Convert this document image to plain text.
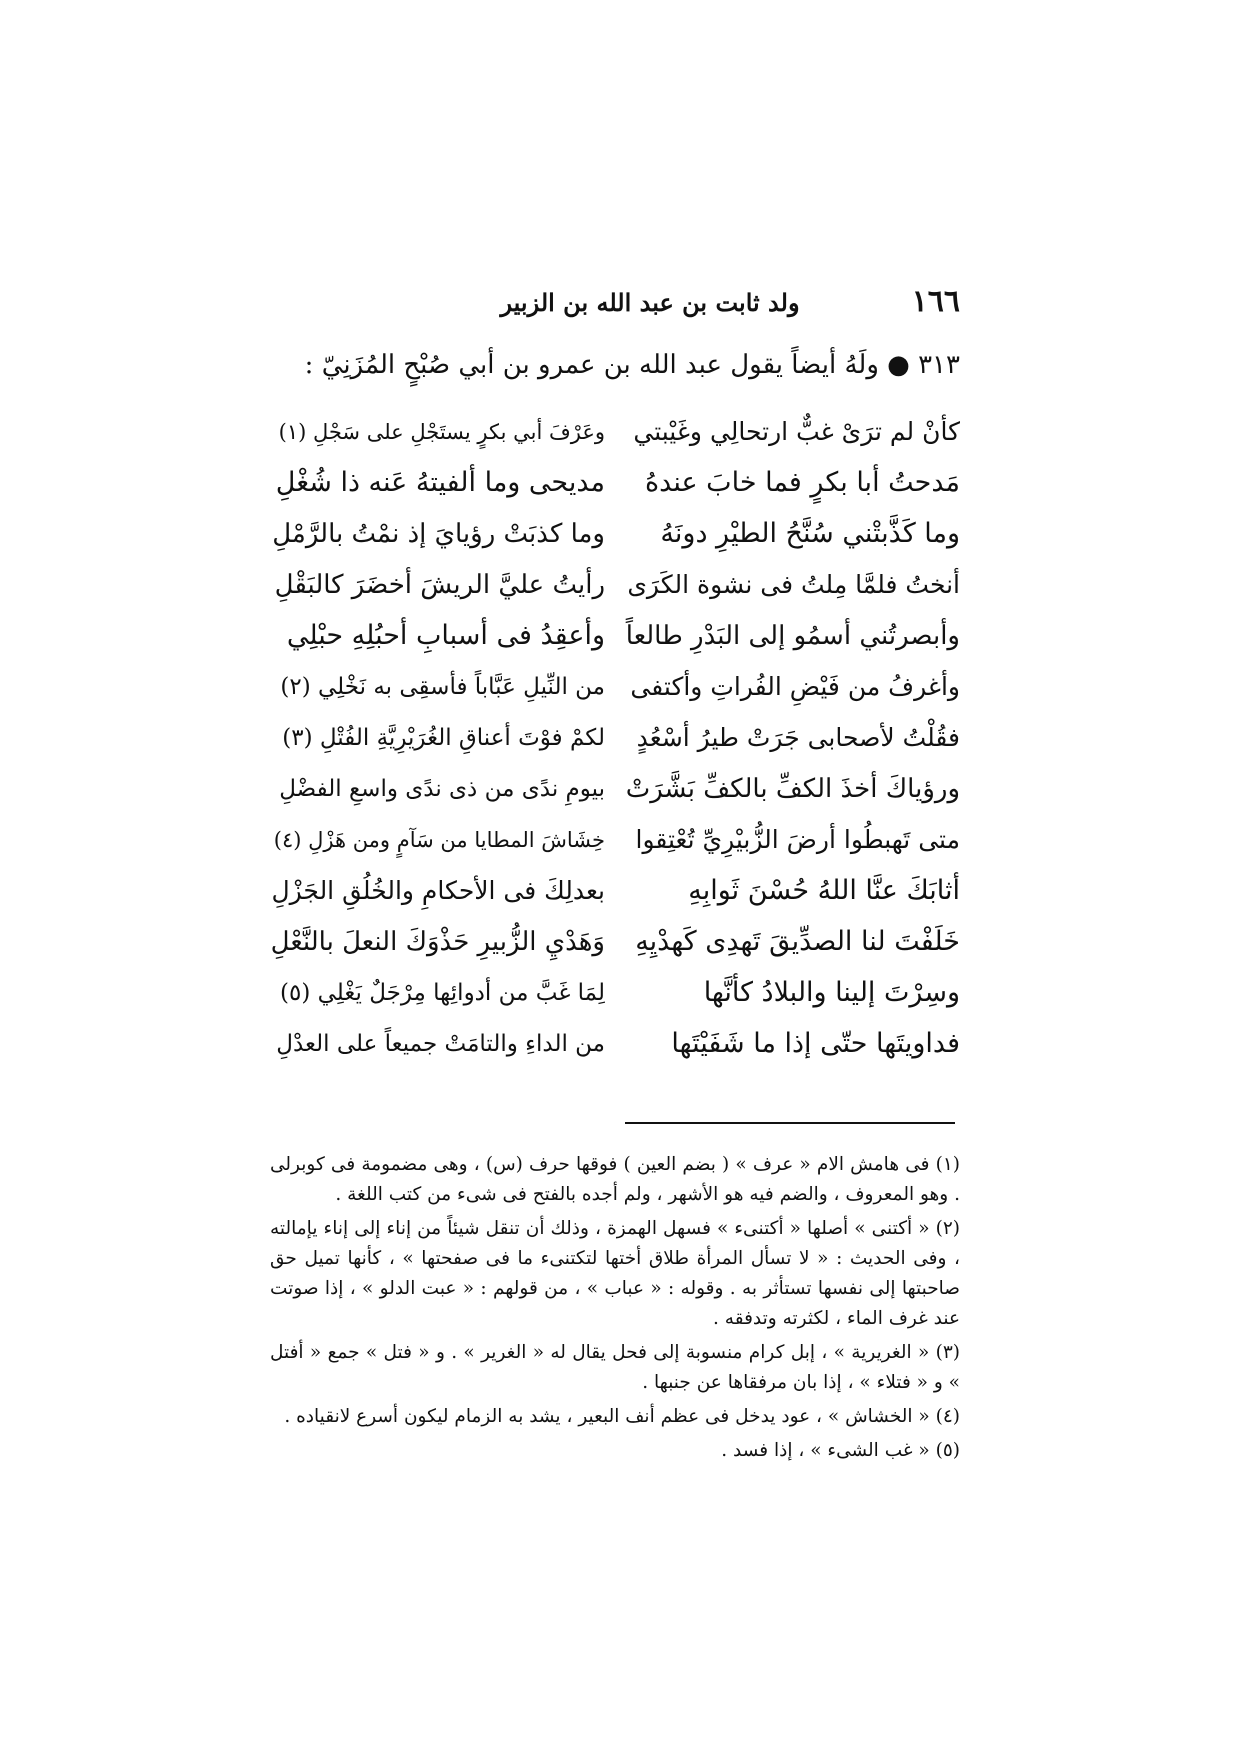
١٦٦
ولد ثابت بن عبد الله بن الزبير
٣١٣ ● ولَهُ أيضاً يقول عبد الله بن عمرو بن أبي صُبْحٍ المُزَنِيّ :
كأنْ لم ترَىْ غبٌّ ارتحالِي وغَيْبتي
وعَرْفَ أبي بكرٍ يستَجْلِ على سَجْلِ (١)
مَدحتُ أبا بكرٍ فما خابَ عندهُ
مديحى وما ألفيتهُ عَنه ذا شُغْلِ
وما كَذَّبتْني سُنَّحُ الطيْرِ دونَهُ
وما كذبَتْ رؤيايَ إذ نمْتُ بالرَّمْلِ
أنختُ فلمَّا مِلتُ فى نشوة الكَرَى
رأيتُ عليَّ الريشَ أخضَرَ كالبَقْلِ
وأبصرتُني أسمُو إلى البَدْرِ طالعاً
وأعقِدُ فى أسبابِ أحبُلِهِ حبْلِي
وأغرفُ من فَيْضِ الفُراتِ وأكتفى
من النِّيلِ عَبَّاباً فأسقِى به نَخْلِي (٢)
فقُلْتُ لأصحابى جَرَتْ طيرُ أسْعُدٍ
لكمْ فوْتَ أعناقِ الغُرَيْرِيَّةِ الفُتْلِ (٣)
ورؤياكَ أخذَ الكفِّ بالكفِّ بَشَّرَتْ
بيومِ ندًى من ذى ندًى واسعِ الفضْلِ
متى تَهبطُوا أرضَ الزُّبيْرِيِّ تُعْتِقوا
خِشَاشَ المطايا من سَآمٍ ومن هَزْلِ (٤)
أثابَكَ عنَّا اللهُ حُسْنَ ثَوابِهِ
بعدلِكَ فى الأحكامِ والخُلُقِ الجَزْلِ
خَلَفْتَ لنا الصدِّيقَ تَهدِى كَهدْيِهِ
وَهَدْيِ الزُّبيرِ حَذْوَكَ النعلَ بالنَّعْلِ
وسِرْتَ إلينا والبلادُ كأنَّها
لِمَا غَبَّ من أدوائِها مِرْجَلٌ يَغْلِي (٥)
فداويتَها حتّى إذا ما شَفَيْتَها
من الداءِ والتامَتْ جميعاً على العدْلِ

(١) فى هامش الام « عرف » ( بضم العين ) فوقها حرف (س) ، وهى مضمومة فى كوبرلى . وهو المعروف ، والضم فيه هو الأشهر ، ولم أجده بالفتح فى شىء من كتب اللغة .

(٢) « أكتنى » أصلها « أكتنىء » فسهل الهمزة ، وذلك أن تنقل شيئاً من إناء إلى إناء يإمالته ، وفى الحديث : « لا تسأل المرأة طلاق أختها لتكتنىء ما فى صفحتها » ، كأنها تميل حق صاحبتها إلى نفسها تستأثر به . وقوله : « عباب » ، من قولهم : « عبت الدلو » ، إذا صوتت عند غرف الماء ، لكثرته وتدفقه .

(٣) « الغريرية » ، إبل كرام منسوبة إلى فحل يقال له « الغرير » . و « فتل » جمع « أفتل » و « فتلاء » ، إذا بان مرفقاها عن جنبها .

(٤) « الخشاش » ، عود يدخل فى عظم أنف البعير ، يشد به الزمام ليكون أسرع لانقياده .

(٥) « غب الشىء » ، إذا فسد .
